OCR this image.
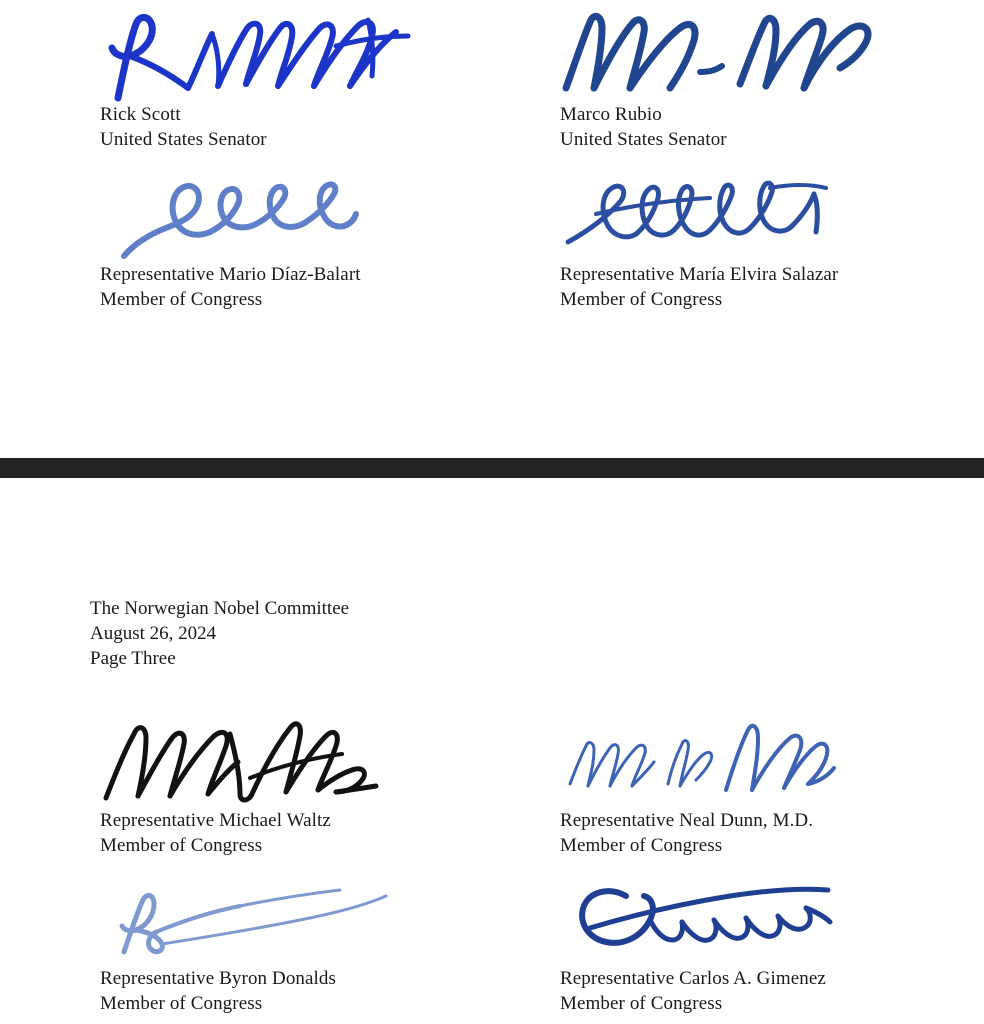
Rick Scott
United States Senator
Marco Rubio
United States Senator
Representative Mario Díaz-Balart
Member of Congress
Representative María Elvira Salazar
Member of Congress
The Norwegian Nobel Committee
August 26, 2024
Page Three
Representative Michael Waltz
Member of Congress
Representative Neal Dunn, M.D.
Member of Congress
Representative Byron Donalds
Member of Congress
Representative Carlos A. Gimenez
Member of Congress
